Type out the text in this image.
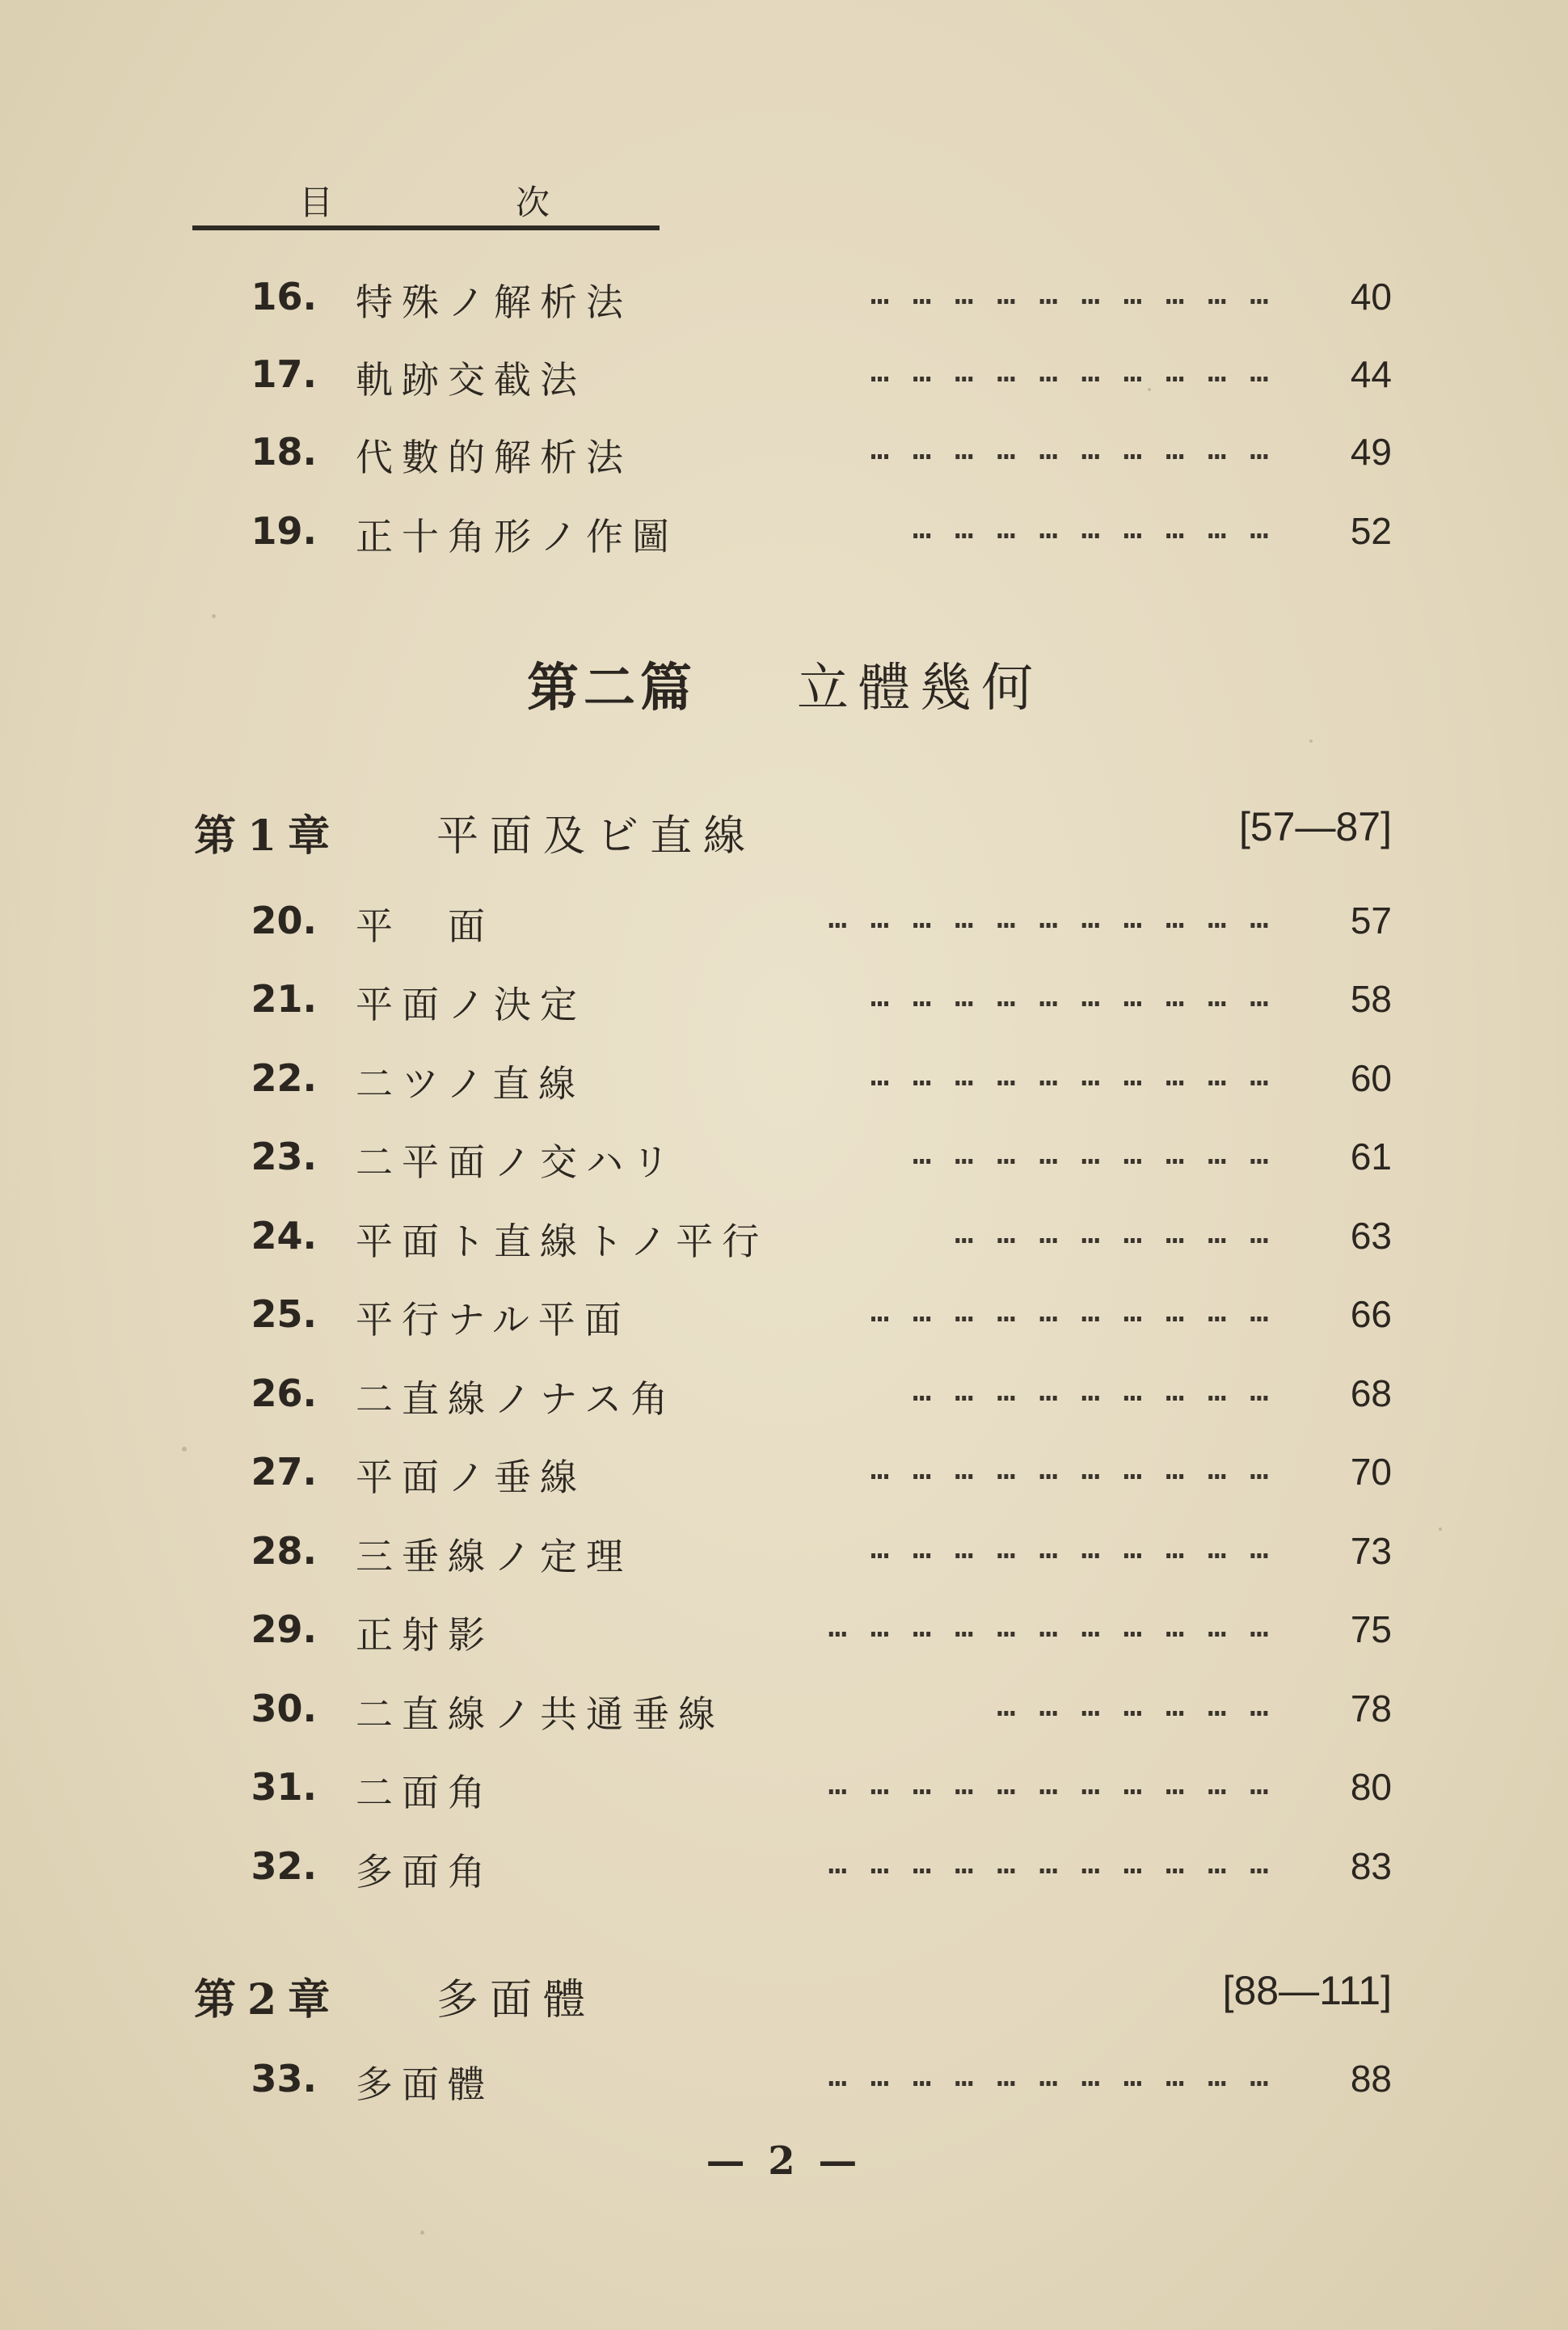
目	次
16. 特殊ノ解析法	… … … … … … … … … …	40
17. 軌跡交截法	… … … … … … … … … …	44
18. 代數的解析法	… … … … … … … … … …	49
19. 正十角形ノ作圖	… … … … … … … … …	52
第二篇 立體幾何
第1章 平面及ビ直線	[57—87]
20. 平　面	… … … … … … … … … … …	57
21. 平面ノ決定	… … … … … … … … … …	58
22. 二ツノ直線	… … … … … … … … … …	60
23. 二平面ノ交ハリ	… … … … … … … … …	61
24. 平面ト直線トノ平行	… … … … … … … …	63
25. 平行ナル平面	… … … … … … … … … …	66
26. 二直線ノナス角	… … … … … … … … …	68
27. 平面ノ垂線	… … … … … … … … … …	70
28. 三垂線ノ定理	… … … … … … … … … …	73
29. 正射影	… … … … … … … … … … …	75
30. 二直線ノ共通垂線	… … … … … … …	78
31. 二面角	… … … … … … … … … … …	80
32. 多面角	… … … … … … … … … … …	83
第2章 多面體	[88—111]
33. 多面體	… … … … … … … … … … …	88
— 2 —
